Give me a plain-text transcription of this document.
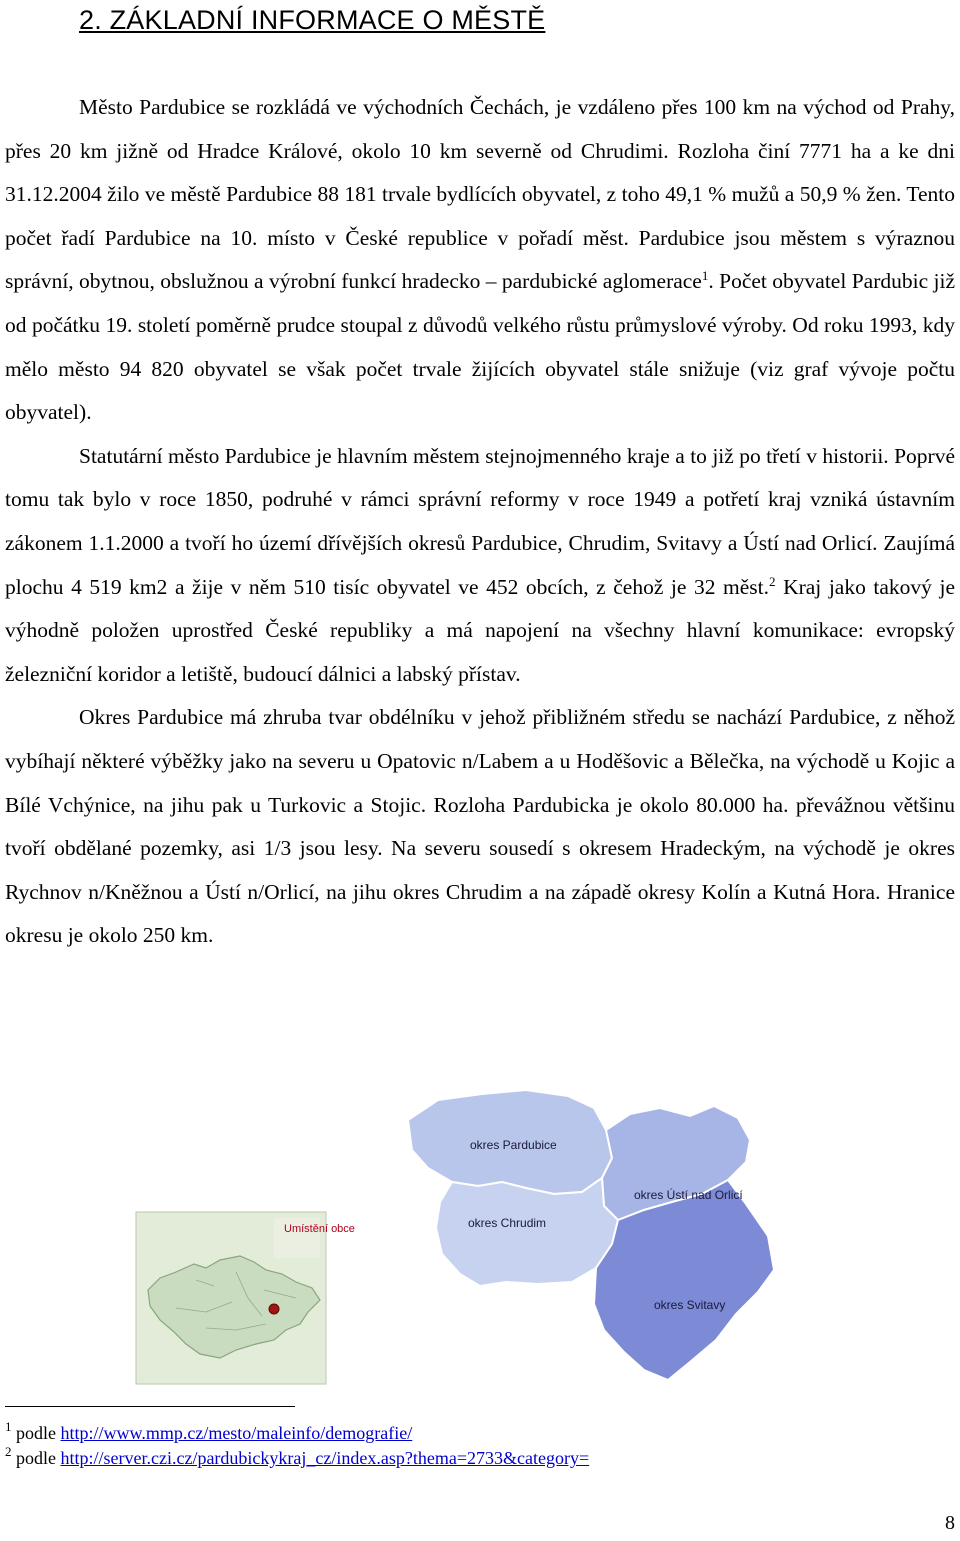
2. ZÁKLADNÍ INFORMACE O MĚSTĚ

Město Pardubice se rozkládá ve východních Čechách, je vzdáleno přes 100 km na východ od Prahy, přes 20 km jižně od Hradce Králové, okolo 10 km severně od Chrudimi. Rozloha činí 7771 ha a ke dni 31.12.2004 žilo ve městě Pardubice 88 181 trvale bydlících obyvatel, z toho 49,1 % mužů a 50,9 % žen. Tento počet řadí Pardubice na 10. místo v České republice v pořadí měst. Pardubice jsou městem s výraznou správní, obytnou, obslužnou a výrobní funkcí hradecko – pardubické aglomerace$^1$. Počet obyvatel Pardubic již od počátku 19. století poměrně prudce stoupal z důvodů velkého růstu průmyslové výroby. Od roku 1993, kdy mělo město 94 820 obyvatel se však počet trvale žijících obyvatel stále snižuje (viz graf vývoje počtu obyvatel).

Statutární město Pardubice je hlavním městem stejnojmenného kraje a to již po třetí v historii. Poprvé tomu tak bylo v roce 1850, podruhé v rámci správní reformy v roce 1949 a potřetí kraj vzniká ústavním zákonem 1.1.2000 a tvoří ho území dřívějších okresů Pardubice, Chrudim, Svitavy a Ústí nad Orlicí. Zaujímá plochu 4 519 km2 a žije v něm 510 tisíc obyvatel ve 452 obcích, z čehož je 32 měst.$^2$ Kraj jako takový je výhodně položen uprostřed České republiky a má napojení na všechny hlavní komunikace: evropský železniční koridor a letiště, budoucí dálnici a labský přístav.

Okres Pardubice má zhruba tvar obdélníku v jehož přibližném středu se nachází Pardubice, z něhož vybíhají některé výběžky jako na severu u Opatovic n/Labem a u Hoděšovic a Bělečka, na východě u Kojic a Bílé Vchýnice, na jihu pak u Turkovic a Stojic. Rozloha Pardubicka je okolo 80.000 ha. převážnou většinu tvoří obdělané pozemky, asi 1/3 jsou lesy. Na severu sousedí s okresem Hradeckým, na východě je okres Rychnov n/Kněžnou a Ústí n/Orlicí, na jihu okres Chrudim a na západě okresy Kolín a Kutná Hora. Hranice okresu je okolo 250 km.

Umístění obce
okres Pardubice
okres Ústí nad Orlicí
okres Chrudim
okres Svitavy
$^1$ podle http://www.mmp.cz/mesto/maleinfo/demografie/
$^2$ podle http://server.czi.cz/pardubickykraj_cz/index.asp?thema=2733&category=
8
